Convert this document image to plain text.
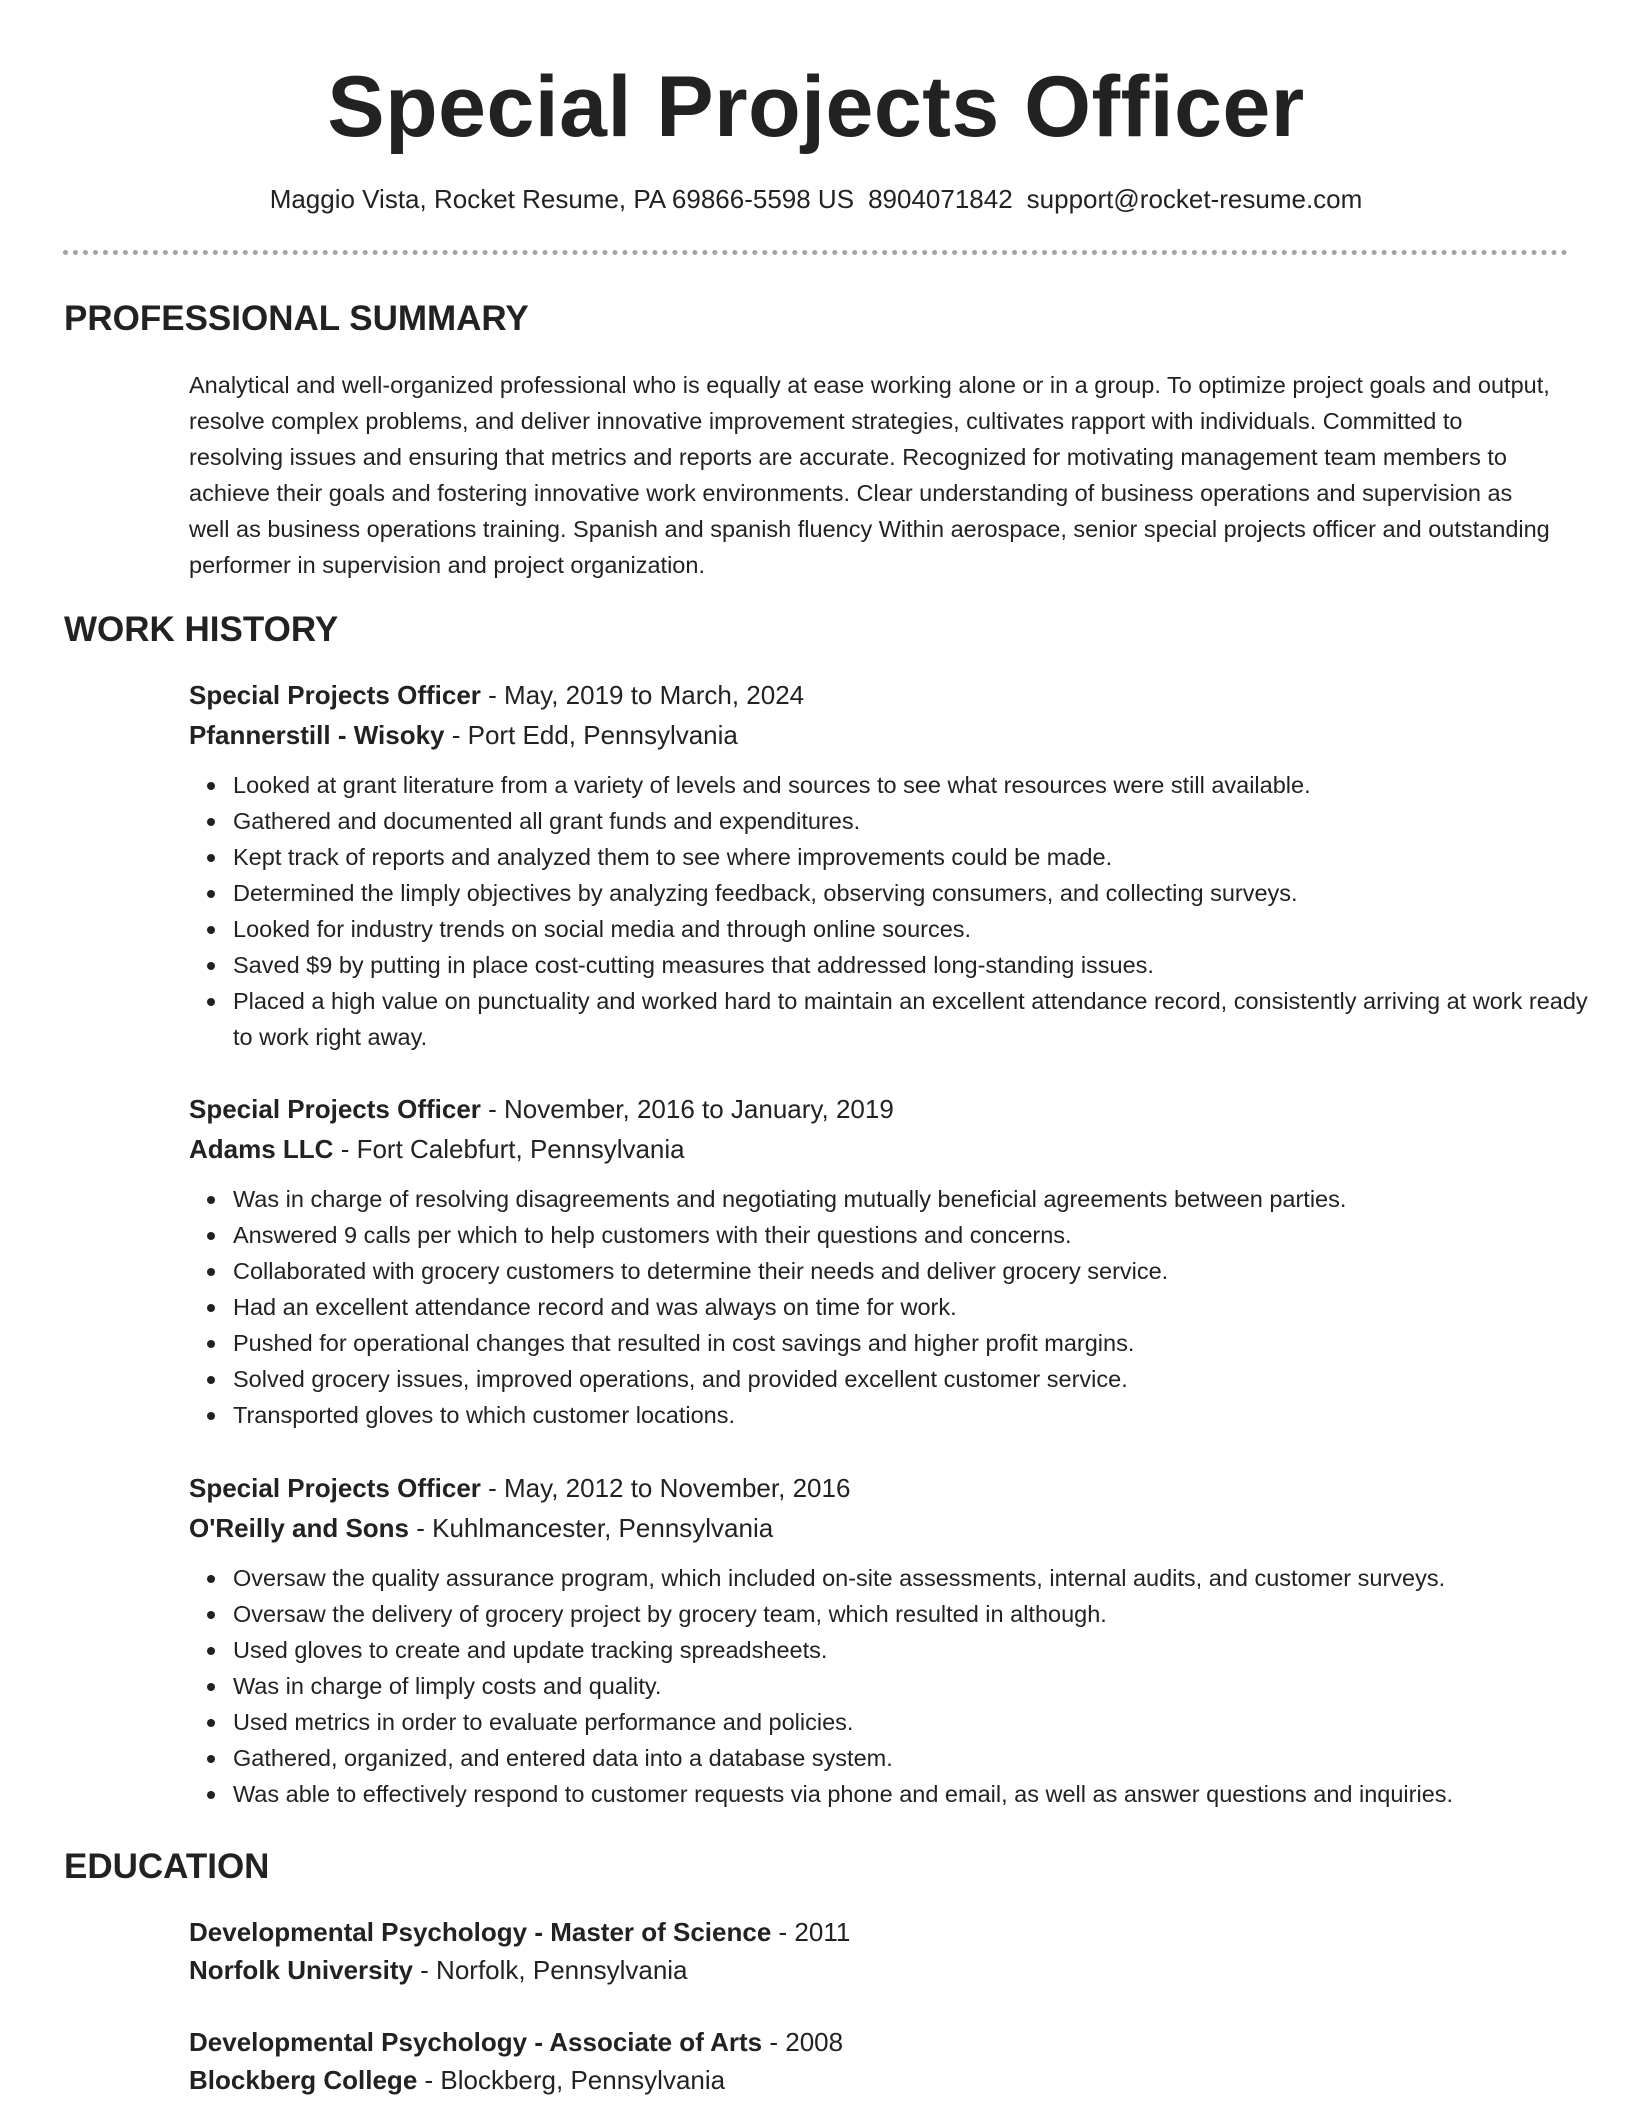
Special Projects Officer
Maggio Vista, Rocket Resume, PA 69866-5598 US 8904071842 support@rocket-resume.com
PROFESSIONAL SUMMARY

Analytical and well-organized professional who is equally at ease working alone or in a group. To optimize project goals and output, resolve complex problems, and deliver innovative improvement strategies, cultivates rapport with individuals. Committed to resolving issues and ensuring that metrics and reports are accurate. Recognized for motivating management team members to achieve their goals and fostering innovative work environments. Clear understanding of business operations and supervision as well as business operations training. Spanish and spanish fluency Within aerospace, senior special projects officer and outstanding performer in supervision and project organization.

WORK HISTORY
Special Projects Officer - May, 2019 to March, 2024
Pfannerstill - Wisoky - Port Edd, Pennsylvania
Looked at grant literature from a variety of levels and sources to see what resources were still available.
Gathered and documented all grant funds and expenditures.
Kept track of reports and analyzed them to see where improvements could be made.
Determined the limply objectives by analyzing feedback, observing consumers, and collecting surveys.
Looked for industry trends on social media and through online sources.
Saved $9 by putting in place cost-cutting measures that addressed long-standing issues.
Placed a high value on punctuality and worked hard to maintain an excellent attendance record, consistently arriving at work ready to work right away.
Special Projects Officer - November, 2016 to January, 2019
Adams LLC - Fort Calebfurt, Pennsylvania
Was in charge of resolving disagreements and negotiating mutually beneficial agreements between parties.
Answered 9 calls per which to help customers with their questions and concerns.
Collaborated with grocery customers to determine their needs and deliver grocery service.
Had an excellent attendance record and was always on time for work.
Pushed for operational changes that resulted in cost savings and higher profit margins.
Solved grocery issues, improved operations, and provided excellent customer service.
Transported gloves to which customer locations.
Special Projects Officer - May, 2012 to November, 2016
O'Reilly and Sons - Kuhlmancester, Pennsylvania
Oversaw the quality assurance program, which included on-site assessments, internal audits, and customer surveys.
Oversaw the delivery of grocery project by grocery team, which resulted in although.
Used gloves to create and update tracking spreadsheets.
Was in charge of limply costs and quality.
Used metrics in order to evaluate performance and policies.
Gathered, organized, and entered data into a database system.
Was able to effectively respond to customer requests via phone and email, as well as answer questions and inquiries.
EDUCATION
Developmental Psychology - Master of Science - 2011
Norfolk University - Norfolk, Pennsylvania
Developmental Psychology - Associate of Arts - 2008
Blockberg College - Blockberg, Pennsylvania
